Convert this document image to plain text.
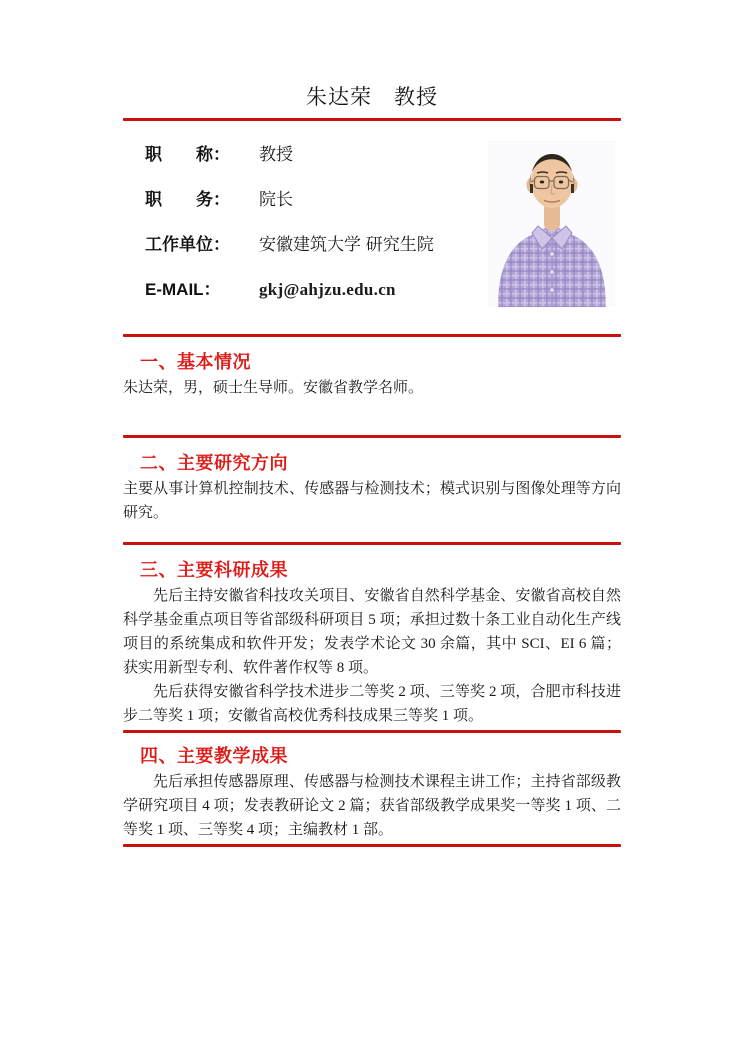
朱达荣　教授
职　　称：	教授
职　　务：	院长
工作单位：	安徽建筑大学 研究生院
E-MAIL：	gkj@ahjzu.edu.cn
一、基本情况

朱达荣，男，硕士生导师。安徽省教学名师。

二、主要研究方向

主要从事计算机控制技术、传感器与检测技术；模式识别与图像处理等方向研究。

三、主要科研成果

先后主持安徽省科技攻关项目、安徽省自然科学基金、安徽省高校自然科学基金重点项目等省部级科研项目 5 项；承担过数十条工业自动化生产线项目的系统集成和软件开发；发表学术论文 30 余篇，其中 SCI、EI 6 篇；获实用新型专利、软件著作权等 8 项。

先后获得安徽省科学技术进步二等奖 2 项、三等奖 2 项，合肥市科技进步二等奖 1 项；安徽省高校优秀科技成果三等奖 1 项。

四、主要教学成果

先后承担传感器原理、传感器与检测技术课程主讲工作；主持省部级教学研究项目 4 项；发表教研论文 2 篇；获省部级教学成果奖一等奖 1 项、二等奖 1 项、三等奖 4 项；主编教材 1 部。
